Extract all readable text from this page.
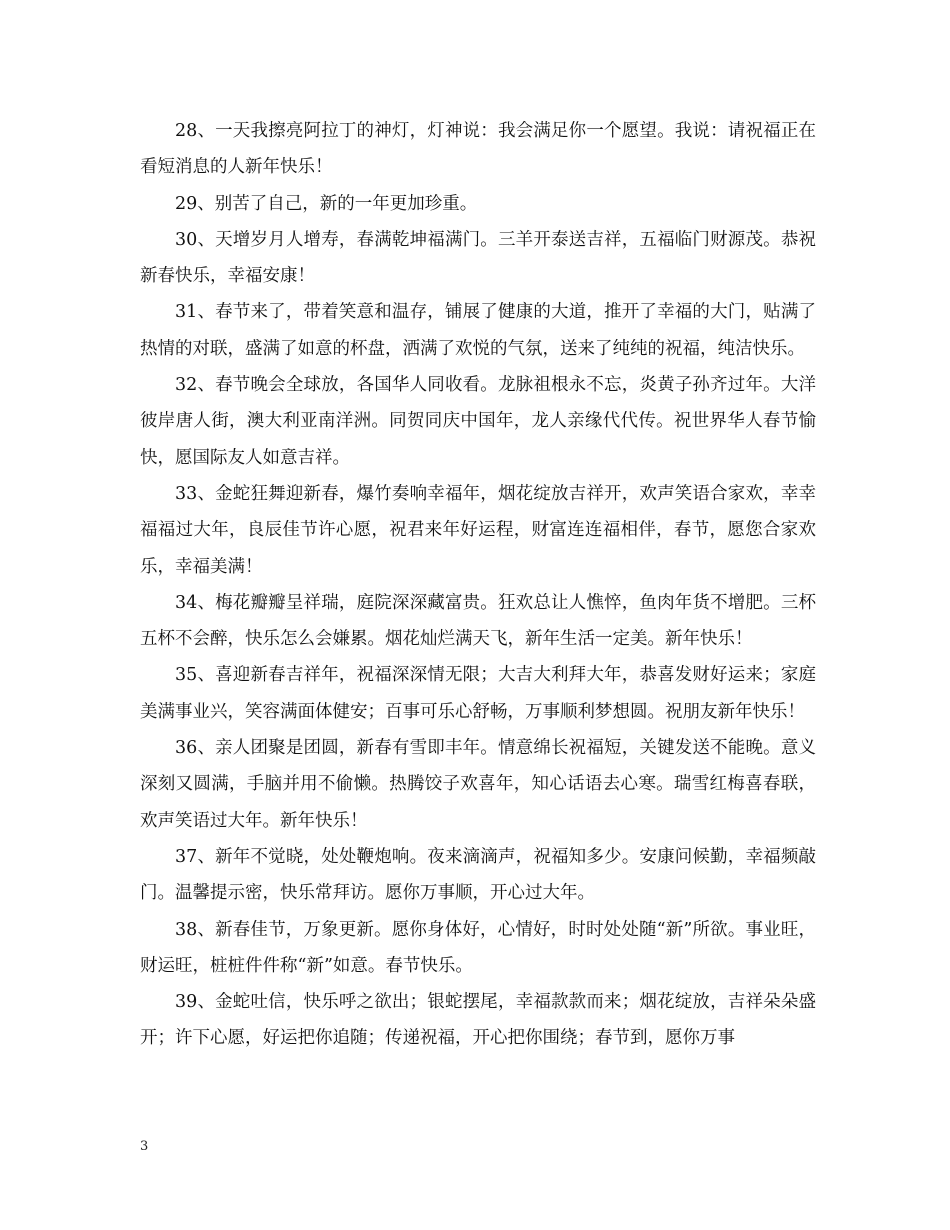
28、一天我擦亮阿拉丁的神灯，灯神说：我会满足你一个愿望。我说：请祝福正在看短消息的人新年快乐！

29、别苦了自己，新的一年更加珍重。

30、天增岁月人增寿，春满乾坤福满门。三羊开泰送吉祥，五福临门财源茂。恭祝新春快乐，幸福安康！

31、春节来了，带着笑意和温存，铺展了健康的大道，推开了幸福的大门，贴满了热情的对联，盛满了如意的杯盘，洒满了欢悦的气氛，送来了纯纯的祝福，纯洁快乐。

32、春节晚会全球放，各国华人同收看。龙脉祖根永不忘，炎黄子孙齐过年。大洋彼岸唐人街，澳大利亚南洋洲。同贺同庆中国年，龙人亲缘代代传。祝世界华人春节愉快，愿国际友人如意吉祥。

33、金蛇狂舞迎新春，爆竹奏响幸福年，烟花绽放吉祥开，欢声笑语合家欢，幸幸福福过大年，良辰佳节许心愿，祝君来年好运程，财富连连福相伴，春节，愿您合家欢乐，幸福美满！

34、梅花瓣瓣呈祥瑞，庭院深深藏富贵。狂欢总让人憔悴，鱼肉年货不增肥。三杯五杯不会醉，快乐怎么会嫌累。烟花灿烂满天飞，新年生活一定美。新年快乐！

35、喜迎新春吉祥年，祝福深深情无限；大吉大利拜大年，恭喜发财好运来；家庭美满事业兴，笑容满面体健安；百事可乐心舒畅，万事顺利梦想圆。祝朋友新年快乐！

36、亲人团聚是团圆，新春有雪即丰年。情意绵长祝福短，关键发送不能晚。意义深刻又圆满，手脑并用不偷懒。热腾饺子欢喜年，知心话语去心寒。瑞雪红梅喜春联，欢声笑语过大年。新年快乐！

37、新年不觉晓，处处鞭炮响。夜来滴滴声，祝福知多少。安康问候勤，幸福频敲门。温馨提示密，快乐常拜访。愿你万事顺，开心过大年。

38、新春佳节，万象更新。愿你身体好，心情好，时时处处随“新”所欲。事业旺，财运旺，桩桩件件称“新”如意。春节快乐。

39、金蛇吐信，快乐呼之欲出；银蛇摆尾，幸福款款而来；烟花绽放，吉祥朵朵盛开；许下心愿，好运把你追随；传递祝福，开心把你围绕；春节到，愿你万事

3
